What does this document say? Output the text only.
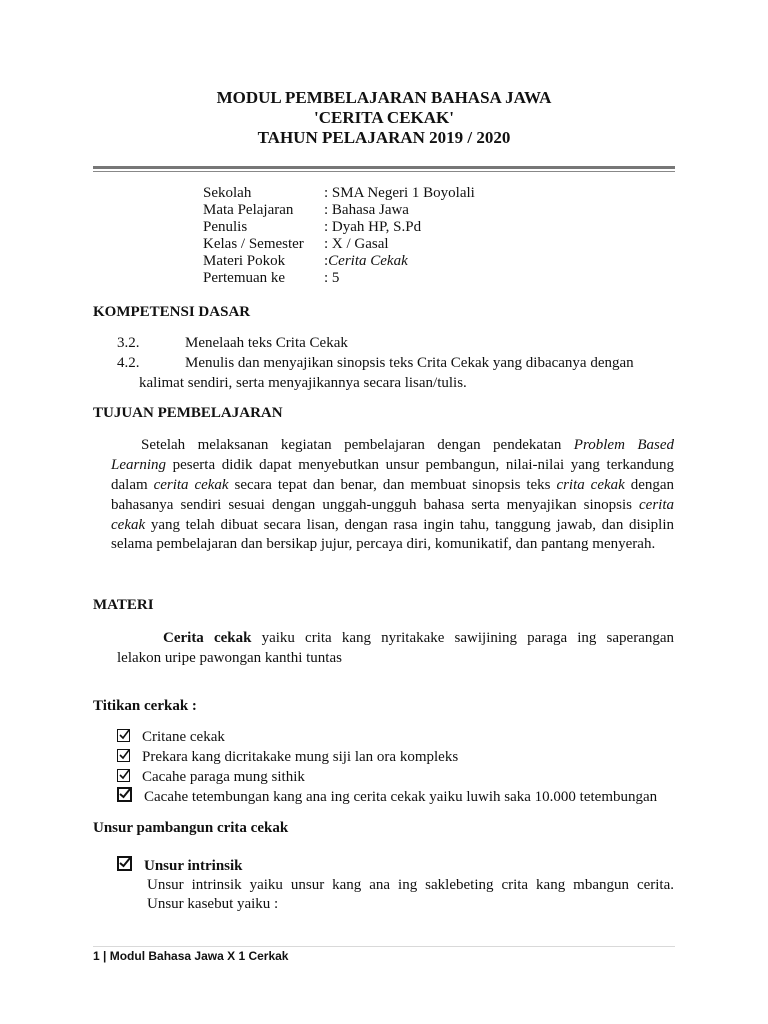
MODUL PEMBELAJARAN BAHASA JAWA
'CERITA CEKAK'
TAHUN PELAJARAN 2019 / 2020
Sekolah	: SMA Negeri 1 Boyolali
Mata Pelajaran : Bahasa Jawa
Penulis	: Dyah HP, S.Pd
Kelas / Semester : X / Gasal
Materi Pokok	:Cerita Cekak
Pertemuan ke	: 5
KOMPETENSI DASAR
3.2.	Menelaah teks Crita Cekak
4.2.	Menulis dan menyajikan sinopsis teks Crita Cekak yang dibacanya dengan
kalimat sendiri, serta menyajikannya secara lisan/tulis.
TUJUAN PEMBELAJARAN
Setelah melaksanan kegiatan pembelajaran dengan pendekatan Problem Based
Learning peserta didik dapat menyebutkan unsur pembangun, nilai-nilai yang terkandung
dalam cerita cekak secara tepat dan benar, dan membuat sinopsis teks crita cekak dengan
bahasanya sendiri sesuai dengan unggah-ungguh bahasa serta menyajikan sinopsis cerita
cekak yang telah dibuat secara lisan, dengan rasa ingin tahu, tanggung jawab, dan disiplin
selama pembelajaran dan bersikap jujur, percaya diri, komunikatif, dan pantang menyerah.
MATERI
Cerita cekak yaiku crita kang nyritakake sawijining paraga ing saperangan
lelakon uripe pawongan kanthi tuntas
Titikan cerkak :
Critane cekak
Prekara kang dicritakake mung siji lan ora kompleks
Cacahe paraga mung sithik
Cacahe tetembungan kang ana ing cerita cekak yaiku luwih saka 10.000 tetembungan
Unsur pambangun crita cekak
Unsur intrinsik
Unsur intrinsik yaiku unsur kang ana ing saklebeting crita kang mbangun cerita.
Unsur kasebut yaiku :
1 | Modul Bahasa Jawa X 1 Cerkak
